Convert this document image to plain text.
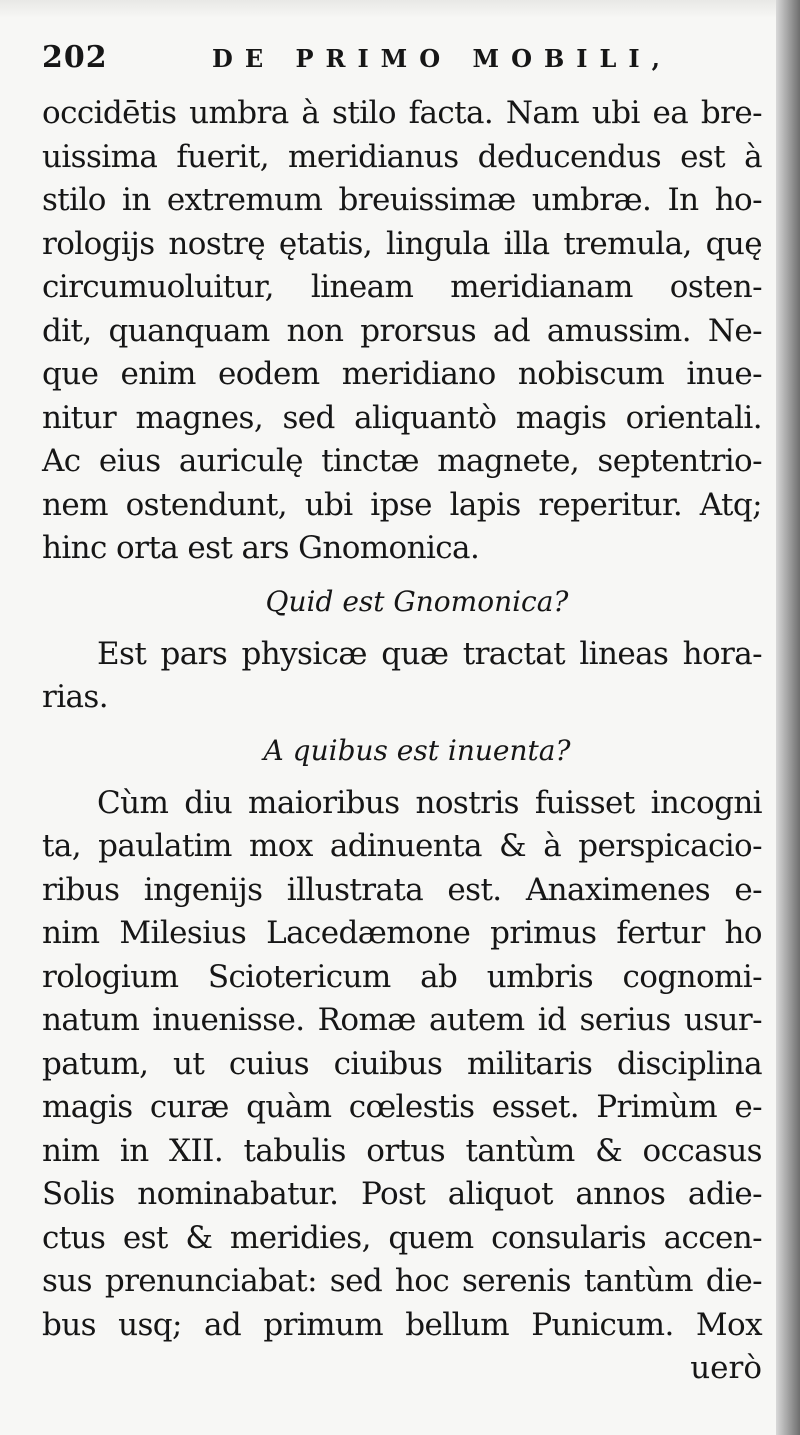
202	DE PRIMO MOBILI,
occidētis umbra à stilo facta. Nam ubi ea bre-
uissima fuerit, meridianus deducendus est à
stilo in extremum breuissimæ umbræ. In ho-
rologijs nostrę ętatis, lingula illa tremula, quę
circumuoluitur, lineam meridianam osten-
dit, quanquam non prorsus ad amussim. Ne-
que enim eodem meridiano nobiscum inue-
nitur magnes, sed aliquantò magis orientali.
Ac eius auriculę tinctæ magnete, septentrio-
nem ostendunt, ubi ipse lapis reperitur. Atq;
hinc orta est ars Gnomonica.
Quid est Gnomonica?
Est pars physicæ quæ tractat lineas hora-
rias.
A quibus est inuenta?
Cùm diu maioribus nostris fuisset incogni
ta, paulatim mox adinuenta & à perspicacio-
ribus ingenijs illustrata est. Anaximenes e-
nim Milesius Lacedæmone primus fertur ho
rologium Sciotericum ab umbris cognomi-
natum inuenisse. Romæ autem id serius usur-
patum, ut cuius ciuibus militaris disciplina
magis curæ quàm cœlestis esset. Primùm e-
nim in XII. tabulis ortus tantùm & occasus
Solis nominabatur. Post aliquot annos adie-
ctus est & meridies, quem consularis accen-
sus prenunciabat: sed hoc serenis tantùm die-
bus usq; ad primum bellum Punicum. Mox
uerò
